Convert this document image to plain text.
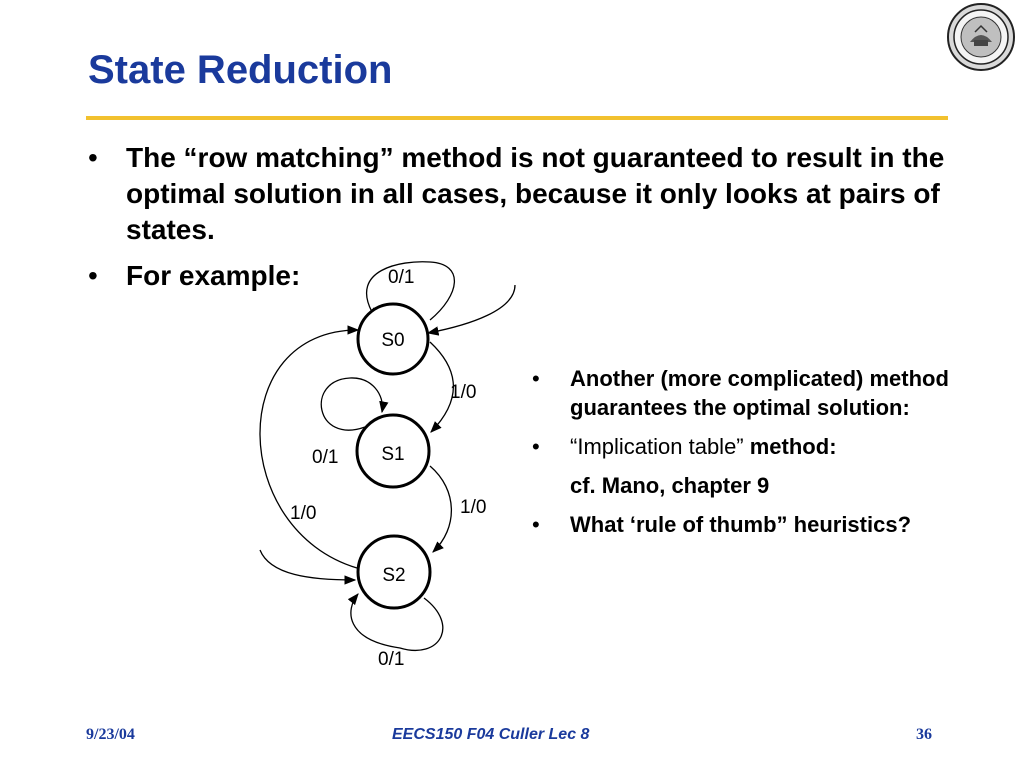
State Reduction
• The “row matching” method is not guaranteed to result in the optimal solution in all cases, because it only looks at pairs of states.
• For example:
S0
S1
S2
0/1
1/0
0/1
1/0
1/0
0/1
• Another (more complicated) method guarantees the optimal solution:
• “Implication table” method:
cf. Mano, chapter 9
• What ‘rule of thumb” heuristics?
9/23/04	EECS150 F04 Culler Lec 8	36
